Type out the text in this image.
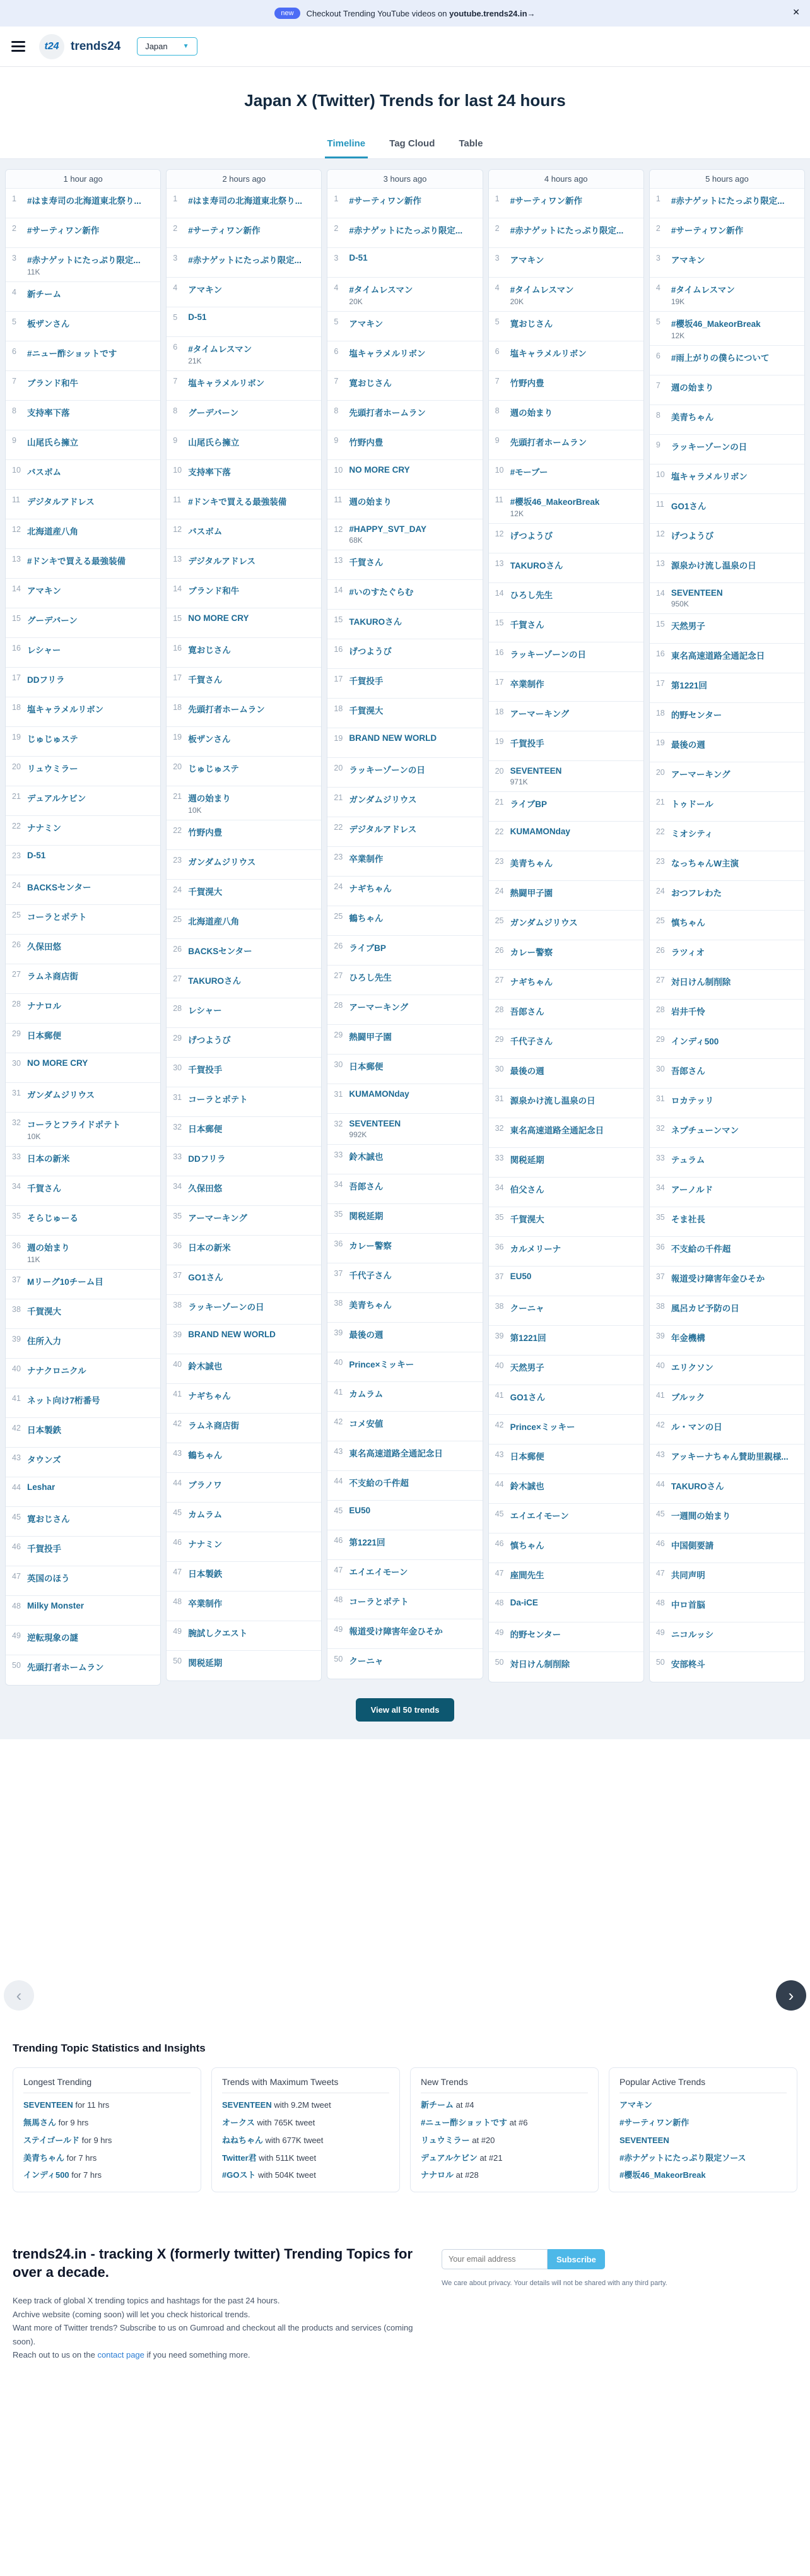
new	Checkout Trending YouTube videos on
youtube.trends24.in→	✕
t24 trends24	Japan ▼
Japan X (Twitter) Trends for last 24 hours
Timeline	Tag Cloud	Table
1 hour ago
1	#はま寿司の北海道東北祭り...
2	#サーティワン新作
3	#赤ナゲットにたっぷり限定...
11K
4	新チーム
5	板ザンさん
6	#ニュー酢ショットです
7	ブランド和牛
8	支持率下落
9	山尾氏ら擁立
10 バスボム
11 デジタルアドレス
12 北海道産八角
13 #ドンキで買える最強装備
14 アマキン
15 グーデバーン
16 レシャー
17 DDフリラ
18 塩キャラメルリボン
19 じゅじゅステ
20 リュウミラー
21 デュアルケビン
22 ナナミン
23 D-51
24 BACKSセンター
25 コーラとポテト
26 久保田悠
27 ラムネ商店街
28 ナナロル
29 日本郵便
30 NO MORE CRY
31 ガンダムジリウス
32 コーラとフライドポテト
10K
33 日本の新米
34 千賀さん
35 そらじゅーる
36 週の始まり
11K
37 Mリーグ10チーム目
38 千賀滉大
39 住所入力
40 ナナクロニクル
41 ネット向け7桁番号
42 日本製鉄
43 タウンズ
44 Leshar
45 寛おじさん
46 千賀投手
47 英国のほう
48 Milky Monster
49 逆転現象の謎
50 先頭打者ホームラン
2 hours ago
1	#はま寿司の北海道東北祭り...
2	#サーティワン新作
3	#赤ナゲットにたっぷり限定...
4	アマキン
5	D-51
6	#タイムレスマン
21K
7	塩キャラメルリボン
8	グーデバーン
9	山尾氏ら擁立
10 支持率下落
11 #ドンキで買える最強装備
12 バスボム
13 デジタルアドレス
14 ブランド和牛
15 NO MORE CRY
16 寛おじさん
17 千賀さん
18 先頭打者ホームラン
19 板ザンさん
20 じゅじゅステ
21 週の始まり
10K
22 竹野内豊
23 ガンダムジリウス
24 千賀滉大
25 北海道産八角
26 BACKSセンター
27 TAKUROさん
28 レシャー
29 げつようび
30 千賀投手
31 コーラとポテト
32 日本郵便
33 DDフリラ
34 久保田悠
35 アーマーキング
36 日本の新米
37 GO1さん
38 ラッキーゾーンの日
39 BRAND NEW WORLD
40 鈴木誠也
41 ナギちゃん
42 ラムネ商店街
43 鶴ちゃん
44 ブラノワ
45 カムラム
46 ナナミン
47 日本製鉄
48 卒業制作
49 腕試しクエスト
50 関税延期
3 hours ago
1	#サーティワン新作
2	#赤ナゲットにたっぷり限定...
3	D-51
4	#タイムレスマン
20K
5	アマキン
6	塩キャラメルリボン
7	寛おじさん
8	先頭打者ホームラン
9	竹野内豊
10 NO MORE CRY
11 週の始まり
12 #HAPPY_SVT_DAY
68K
13 千賀さん
14 #いのすたぐらむ
15 TAKUROさん
16 げつようび
17 千賀投手
18 千賀滉大
19 BRAND NEW WORLD
20 ラッキーゾーンの日
21 ガンダムジリウス
22 デジタルアドレス
23 卒業制作
24 ナギちゃん
25 鶴ちゃん
26 ライブBP
27 ひろし先生
28 アーマーキング
29 熱闘甲子園
30 日本郵便
31 KUMAMONday
32 SEVENTEEN
992K
33 鈴木誠也
34 吾郎さん
35 関税延期
36 カレー警察
37 千代子さん
38 美青ちゃん
39 最後の週
40 Prince×ミッキー
41 カムラム
42 コメ安値
43 東名高速道路全通記念日
44 不支給の千件超
45 EU50
46 第1221回
47 エイエイモーン
48 コーラとポテト
49 報道受け障害年金ひそか
50 クーニャ
4 hours ago
1	#サーティワン新作
2	#赤ナゲットにたっぷり限定...
3	アマキン
4	#タイムレスマン
20K
5	寛おじさん
6	塩キャラメルリボン
7	竹野内豊
8	週の始まり
9	先頭打者ホームラン
10 #モーブー
11 #櫻坂46_MakeorBreak
12K
12 げつようび
13 TAKUROさん
14 ひろし先生
15 千賀さん
16 ラッキーゾーンの日
17 卒業制作
18 アーマーキング
19 千賀投手
20 SEVENTEEN
971K
21 ライブBP
22 KUMAMONday
23 美青ちゃん
24 熱闘甲子園
25 ガンダムジリウス
26 カレー警察
27 ナギちゃん
28 吾郎さん
29 千代子さん
30 最後の週
31 源泉かけ流し温泉の日
32 東名高速道路全通記念日
33 関税延期
34 伯父さん
35 千賀滉大
36 カルメリーナ
37 EU50
38 クーニャ
39 第1221回
40 天然男子
41 GO1さん
42 Prince×ミッキー
43 日本郵便
44 鈴木誠也
45 エイエイモーン
46 慎ちゃん
47 座間先生
48 Da-iCE
49 的野センター
50 対日けん制削除
5 hours ago
1	#赤ナゲットにたっぷり限定...
2	#サーティワン新作
3	アマキン
4	#タイムレスマン
19K
5	#櫻坂46_MakeorBreak
12K
6	#雨上がりの僕らについて
7	週の始まり
8	美青ちゃん
9	ラッキーゾーンの日
10 塩キャラメルリボン
11 GO1さん
12 げつようび
13 源泉かけ流し温泉の日
14 SEVENTEEN
950K
15 天然男子
16 東名高速道路全通記念日
17 第1221回
18 的野センター
19 最後の週
20 アーマーキング
21 トゥドール
22 ミオシティ
23 なっちゃんW主演
24 おつフレわた
25 慎ちゃん
26 ラツィオ
27 対日けん制削除
28 岩井千怜
29 インディ500
30 吾郎さん
31 ロカテッリ
32 ネプチューンマン
33 テュラム
34 アーノルド
35 そま社長
36 不支給の千件超
37 報道受け障害年金ひそか
38 風呂カビ予防の日
39 年金機構
40 エリクソン
41 ブルック
42 ル・マンの日
43 アッキーナちゃん賛助里親様...
44 TAKUROさん
45 一週間の始まり
46 中国側要請
47 共同声明
48 中ロ首脳
49 ニコルッシ
50 安部柊斗
View all 50 trends
‹	›
Trending Topic Statistics and Insights
Longest Trending
SEVENTEEN for 11 hrs
無馬さん for 9 hrs
ステイゴールド for 9 hrs
美青ちゃん for 7 hrs
インディ500 for 7 hrs
Trends with Maximum Tweets
SEVENTEEN with 9.2M tweet
オークス with 765K tweet
ねねちゃん with 677K tweet
Twitter君 with 511K tweet
#GOスト with 504K tweet
New Trends
新チーム at #4
#ニュー酢ショットです at #6
リュウミラー at #20
デュアルケビン at #21
ナナロル at #28
Popular Active Trends
アマキン
#サーティワン新作
SEVENTEEN
#赤ナゲットにたっぷり限定ソース
#櫻坂46_MakeorBreak
trends24.in - tracking X (formerly twitter) Trending Topics for over a decade.

Keep track of global X trending topics and hashtags for the past 24 hours.
Archive website (coming soon) will let you check historical trends.
Want more of Twitter trends? Subscribe to us on Gumroad and checkout all the products and services (coming soon).
Reach out to us on the contact page if you need something more.

Your email address
Subscribe

We care about privacy. Your details will not be shared with any third party.
